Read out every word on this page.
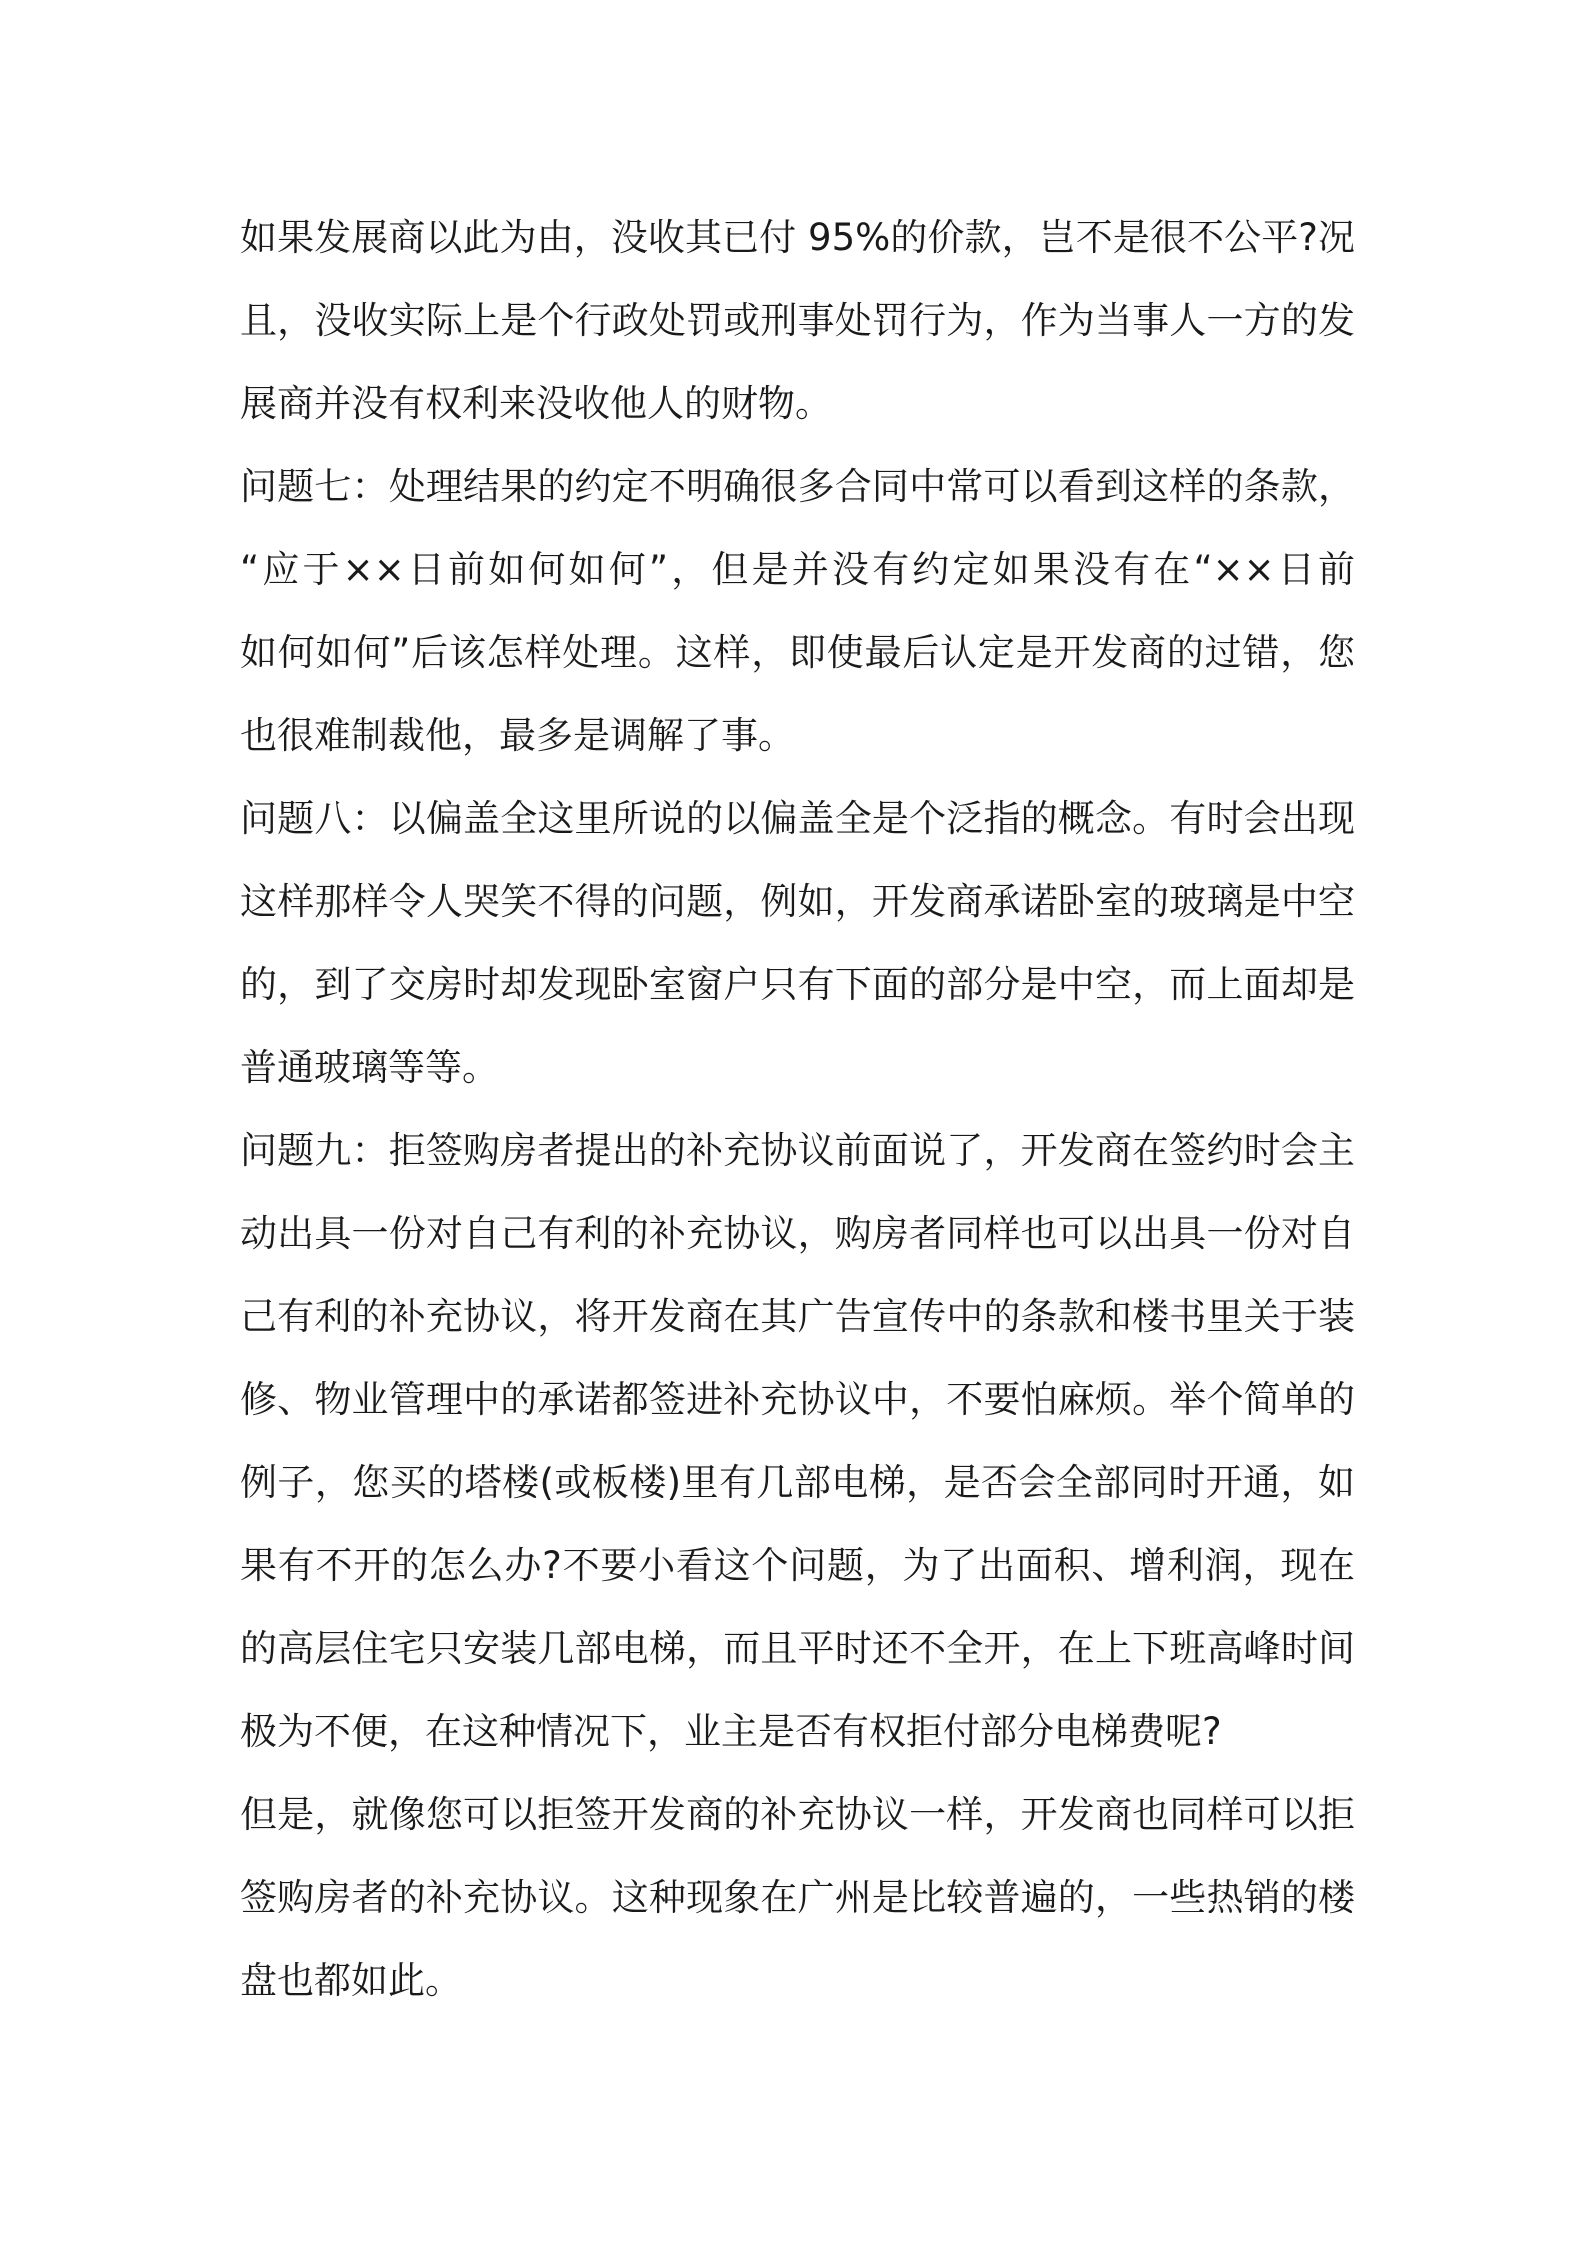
如果发展商以此为由，没收其已付 95%的价款，岂不是很不公平?况
且，没收实际上是个行政处罚或刑事处罚行为，作为当事人一方的发
展商并没有权利来没收他人的财物。
问题七：处理结果的约定不明确很多合同中常可以看到这样的条款，
“应于××日前如何如何”，但是并没有约定如果没有在“××日前
如何如何”后该怎样处理。这样，即使最后认定是开发商的过错，您
也很难制裁他，最多是调解了事。
问题八：以偏盖全这里所说的以偏盖全是个泛指的概念。有时会出现
这样那样令人哭笑不得的问题，例如，开发商承诺卧室的玻璃是中空
的，到了交房时却发现卧室窗户只有下面的部分是中空，而上面却是
普通玻璃等等。
问题九：拒签购房者提出的补充协议前面说了，开发商在签约时会主
动出具一份对自己有利的补充协议，购房者同样也可以出具一份对自
己有利的补充协议，将开发商在其广告宣传中的条款和楼书里关于装
修、物业管理中的承诺都签进补充协议中，不要怕麻烦。举个简单的
例子，您买的塔楼(或板楼)里有几部电梯，是否会全部同时开通，如
果有不开的怎么办?不要小看这个问题，为了出面积、增利润，现在
的高层住宅只安装几部电梯，而且平时还不全开，在上下班高峰时间
极为不便，在这种情况下，业主是否有权拒付部分电梯费呢?
但是，就像您可以拒签开发商的补充协议一样，开发商也同样可以拒
签购房者的补充协议。这种现象在广州是比较普遍的，一些热销的楼
盘也都如此。
